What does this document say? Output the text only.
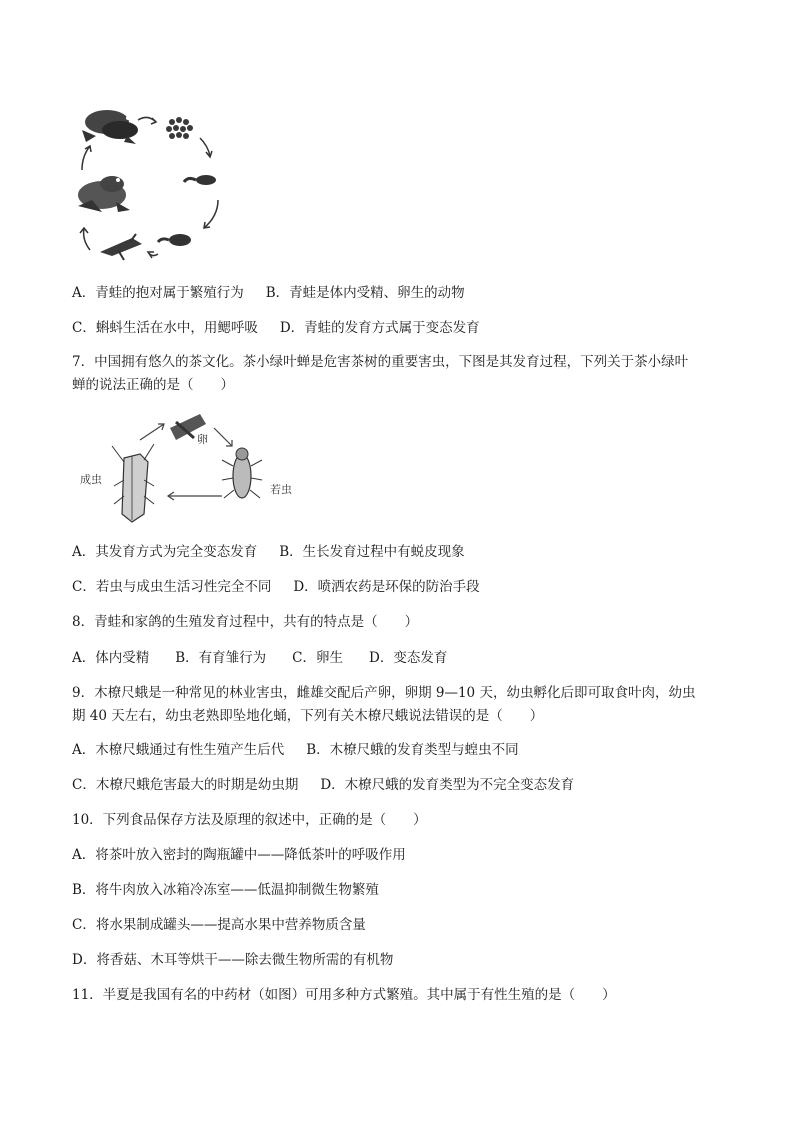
A．青蛙的抱对属于繁殖行为 B．青蛙是体内受精、卵生的动物
C．蝌蚪生活在水中，用鳃呼吸 D．青蛙的发育方式属于变态发育
7．中国拥有悠久的茶文化。茶小绿叶蝉是危害茶树的重要害虫，下图是其发育过程，下列关于茶小绿叶
蝉的说法正确的是（　　）
成虫
若虫
卵
A．其发育方式为完全变态发育 B．生长发育过程中有蜕皮现象
C．若虫与成虫生活习性完全不同 D．喷洒农药是环保的防治手段
8．青蛙和家鸽的生殖发育过程中，共有的特点是（　　）
A．体内受精 B．有育雏行为 C．卵生 D．变态发育
9．木橑尺蛾是一种常见的林业害虫，雌雄交配后产卵，卵期 9—10 天，幼虫孵化后即可取食叶肉，幼虫
期 40 天左右，幼虫老熟即坠地化蛹，下列有关木橑尺蛾说法错误的是（　　）
A．木橑尺蛾通过有性生殖产生后代 B．木橑尺蛾的发育类型与蝗虫不同
C．木橑尺蛾危害最大的时期是幼虫期 D．木橑尺蛾的发育类型为不完全变态发育
10．下列食品保存方法及原理的叙述中，正确的是（　　）
A．将茶叶放入密封的陶瓶罐中——降低茶叶的呼吸作用
B．将牛肉放入冰箱冷冻室——低温抑制微生物繁殖
C．将水果制成罐头——提高水果中营养物质含量
D．将香菇、木耳等烘干——除去微生物所需的有机物
11．半夏是我国有名的中药材（如图）可用多种方式繁殖。其中属于有性生殖的是（　　）
